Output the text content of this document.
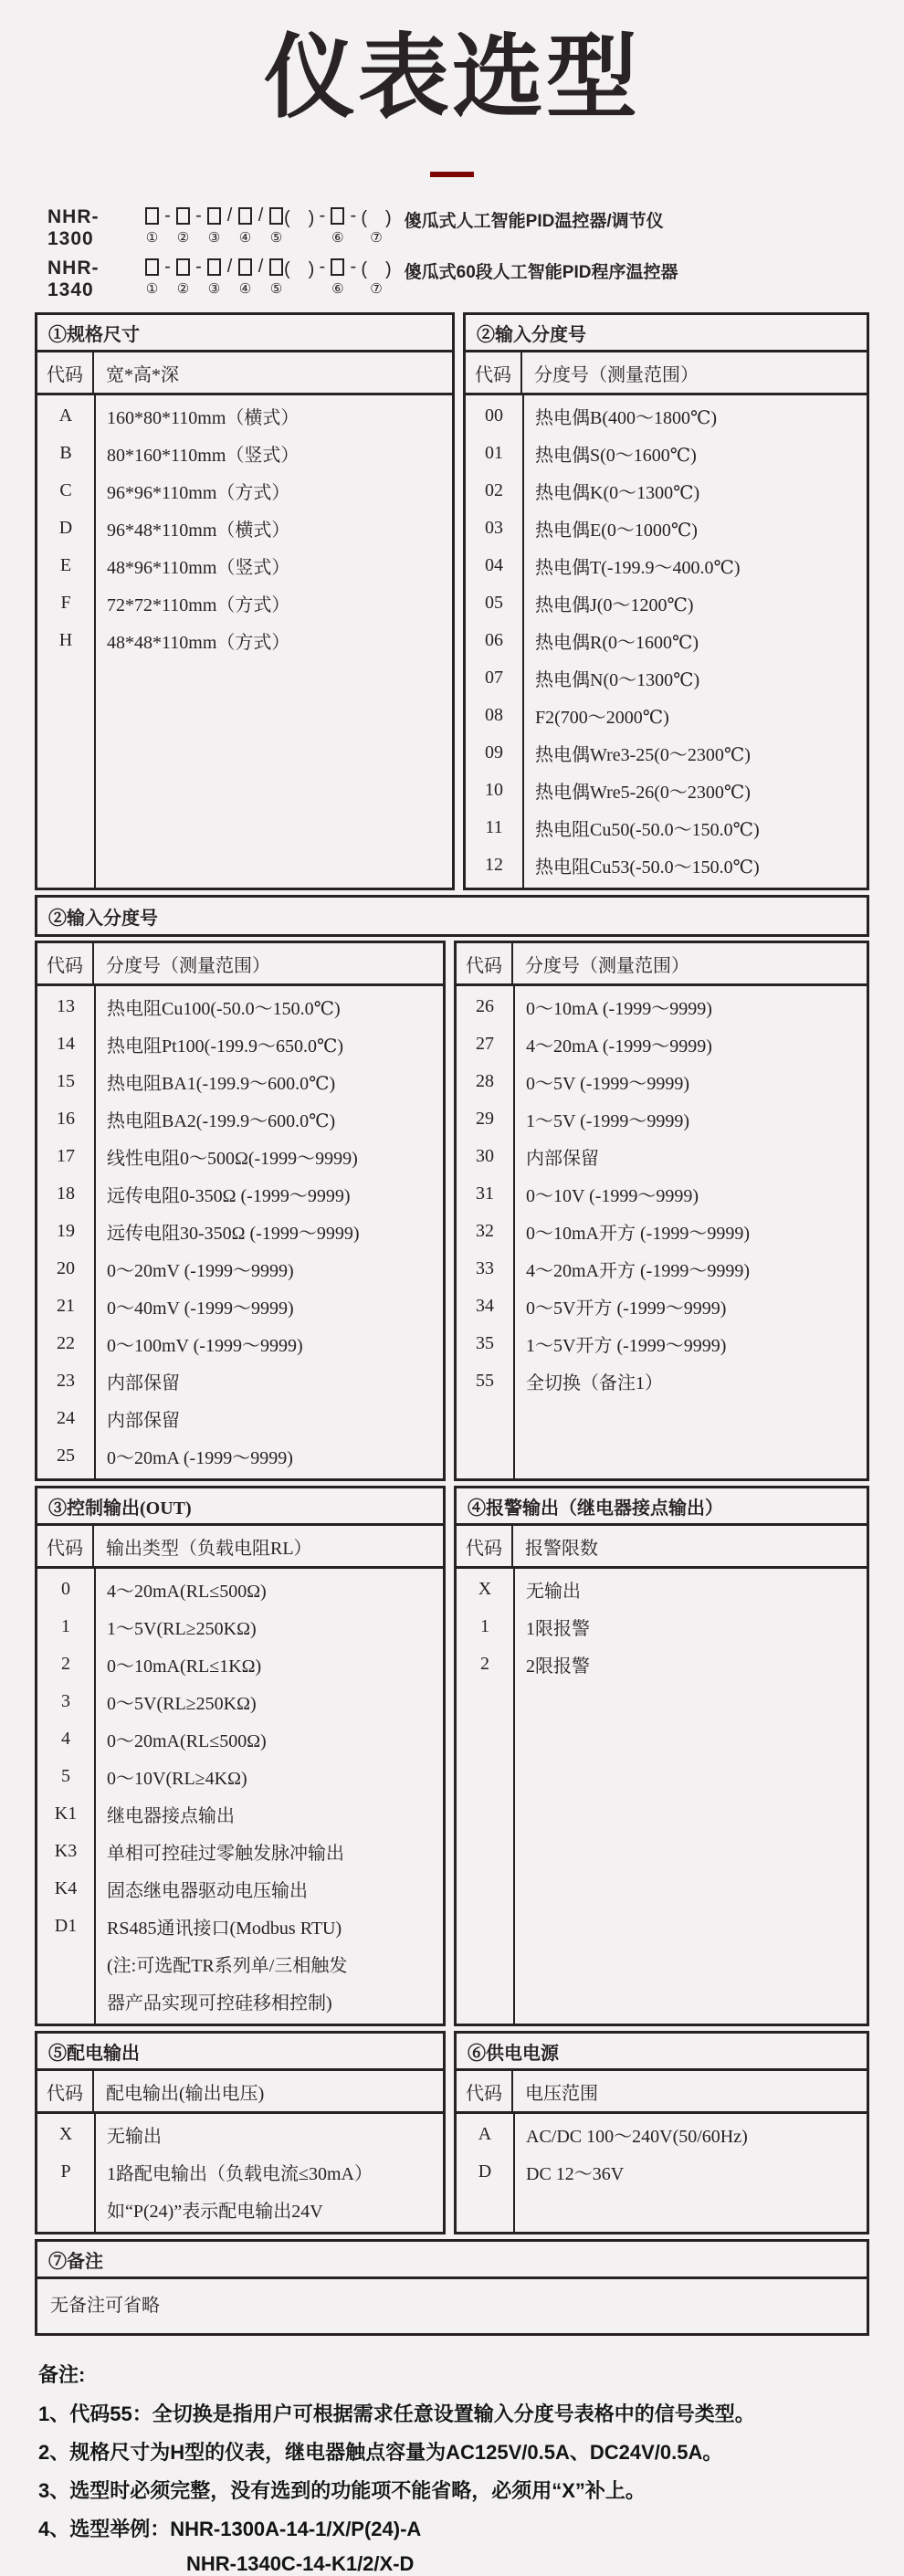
仪表选型
NHR-1300	①
-
②
-
③
/
④
/
⑤
(　) -
⑥
- (　)
⑦
傻瓜式人工智能PID温控器/调节仪
NHR-1340	①
-
②
-
③
/
④
/
⑤
(　) -
⑥
- (　)
⑦
傻瓜式60段人工智能PID程序温控器
①规格尺寸
代码	宽*高*深
A	160*80*110mm（横式）
B	80*160*110mm（竖式）
C	96*96*110mm（方式）
D	96*48*110mm（横式）
E	48*96*110mm（竖式）
F	72*72*110mm（方式）
H	48*48*110mm（方式）
②输入分度号
代码	分度号（测量范围）
00	热电偶B(400～1800℃)
01	热电偶S(0～1600℃)
02	热电偶K(0～1300℃)
03	热电偶E(0～1000℃)
04	热电偶T(-199.9～400.0℃)
05	热电偶J(0～1200℃)
06	热电偶R(0～1600℃)
07	热电偶N(0～1300℃)
08	F2(700～2000℃)
09	热电偶Wre3-25(0～2300℃)
10	热电偶Wre5-26(0～2300℃)
11	热电阻Cu50(-50.0～150.0℃)
12	热电阻Cu53(-50.0～150.0℃)
②输入分度号
代码	分度号（测量范围）
13	热电阻Cu100(-50.0～150.0℃)
14	热电阻Pt100(-199.9～650.0℃)
15	热电阻BA1(-199.9～600.0℃)
16	热电阻BA2(-199.9～600.0℃)
17	线性电阻0～500Ω(-1999～9999)
18	远传电阻0-350Ω (-1999～9999)
19	远传电阻30-350Ω (-1999～9999)
20	0～20mV (-1999～9999)
21	0～40mV (-1999～9999)
22	0～100mV (-1999～9999)
23	内部保留
24	内部保留
25	0～20mA (-1999～9999)
代码	分度号（测量范围）
26	0～10mA (-1999～9999)
27	4～20mA (-1999～9999)
28	0～5V (-1999～9999)
29	1～5V (-1999～9999)
30	内部保留
31	0～10V (-1999～9999)
32	0～10mA开方 (-1999～9999)
33	4～20mA开方 (-1999～9999)
34	0～5V开方 (-1999～9999)
35	1～5V开方 (-1999～9999)
55	全切换（备注1）
③控制输出(OUT)
代码	输出类型（负载电阻RL）
0	4～20mA(RL≤500Ω)
1	1～5V(RL≥250KΩ)
2	0～10mA(RL≤1KΩ)
3	0～5V(RL≥250KΩ)
4	0～20mA(RL≤500Ω)
5	0～10V(RL≥4KΩ)
K1	继电器接点输出
K3	单相可控硅过零触发脉冲输出
K4	固态继电器驱动电压输出
D1	RS485通讯接口(Modbus RTU)
(注:可选配TR系列单/三相触发
器产品实现可控硅移相控制)
④报警输出（继电器接点输出）
代码	报警限数
X	无输出
1	1限报警
2	2限报警
⑤配电输出
代码	配电输出(输出电压)
X	无输出
P	1路配电输出（负载电流≤30mA）
如“P(24)”表示配电输出24V
⑥供电电源
代码	电压范围
A	AC/DC 100～240V(50/60Hz)
D	DC 12～36V
⑦备注
无备注可省略
备注:
1、代码55：全切换是指用户可根据需求任意设置输入分度号表格中的信号类型。
2、规格尺寸为H型的仪表，继电器触点容量为AC125V/0.5A、DC24V/0.5A。
3、选型时必须完整，没有选到的功能项不能省略，必须用“X”补上。
4、选型举例：NHR-1300A-14-1/X/P(24)-A
NHR-1340C-14-K1/2/X-D
